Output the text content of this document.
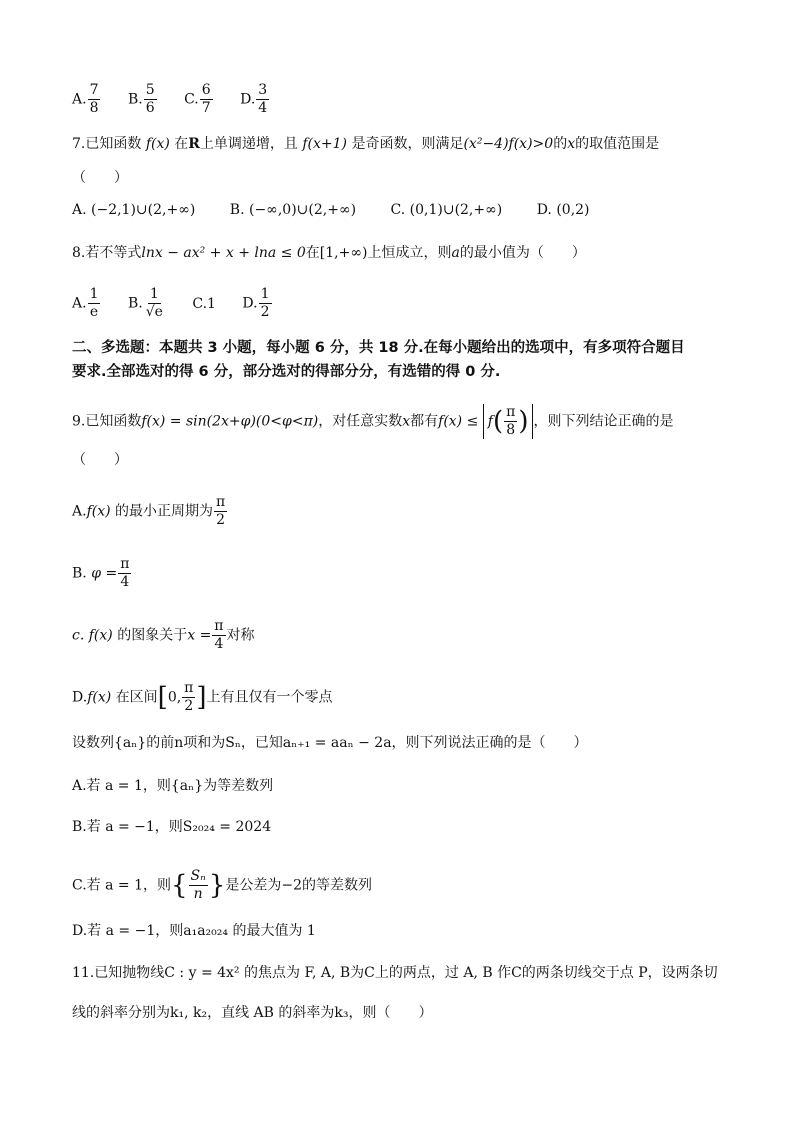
A. $\frac{7}{8} B$. $\frac{5}{6} C$. $\frac{6}{7} D$. $\frac{3}{4}$
7.已知函数 f(x) 在R上单调递增，且 f(x+1) 是奇函数，则满足(x²−4)f(x)>0的x的取值范围是
（　　）
A. (−2,1)∪(2,+∞) B. (−∞,0)∪(2,+∞) C. (0,1)∪(2,+∞) D. (0,2)
8.若不等式lnx − ax² + x + lna ≤ 0在[1,+∞)上恒成立，则a的最小值为（　　）
A. $\frac{1}{e} B$. $\frac{1}{√e} C.1$ D. $\frac{1}{2}$
二、多选题：本题共 3 小题，每小题 6 分，共 18 分.在每小题给出的选项中，有多项符合题目
要求.全部选对的得 6 分，部分选对的得部分分，有选错的得 0 分.
9.已知函数f(x) = sin(2x+φ)(0<φ<π)，对任意实数x都有$f(x) \le f( \frac{\pi}{8}$ ) ，则下列结论正确的是
（　　）
A.f(x) 的最小正周期为 $\frac{\pi}{2}$
B. $\varphi = \frac{\pi}{4}$
c. f(x) 的图象关于$x = \frac{\pi}{4}$ 对称
D.f(x) 在区间[0, $\frac{\pi}{2}$ ]上有且仅有一个零点
设数列{aₙ}的前n项和为Sₙ，已知aₙ₊₁ = aaₙ − 2a，则下列说法正确的是（　　）
A.若 a = 1，则{aₙ}为等差数列
B.若 a = −1，则S₂₀₂₄ = 2024
C.若 a = 1，则{ $\frac{\text{Sₙ}}{n}$ }是公差为−2的等差数列
D.若 a = −1，则a₁a₂₀₂₄ 的最大值为 1
11.已知抛物线C : y = 4x² 的焦点为 F, A, B为C上的两点，过 A, B 作C的两条切线交于点 P，设两条切
线的斜率分别为k₁, k₂，直线 AB 的斜率为k₃，则（　　）
